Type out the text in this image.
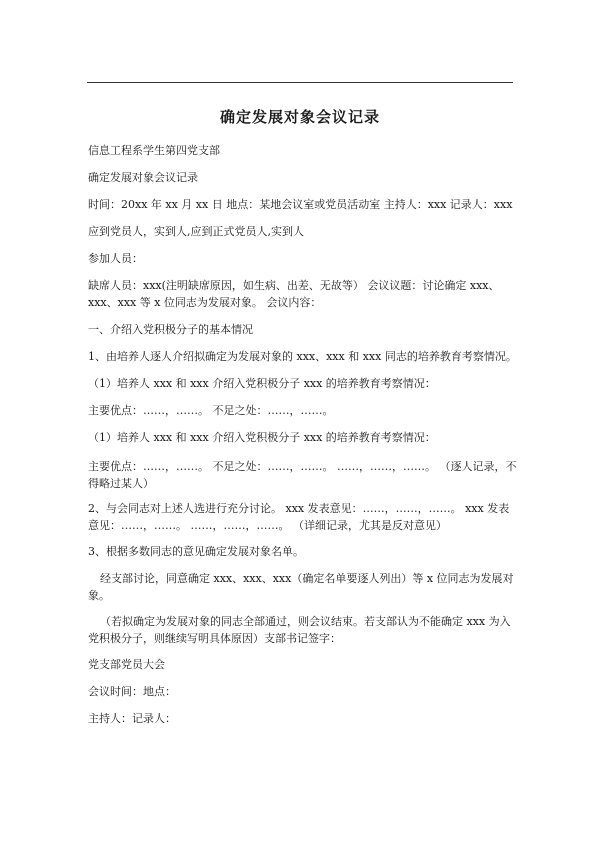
确定发展对象会议记录

信息工程系学生第四党支部

确定发展对象会议记录

时间：20xx 年 xx 月 xx 日 地点：某地会议室或党员活动室 主持人：xxx 记录人：xxx

应到党员人，实到人,应到正式党员人,实到人

参加人员：

缺席人员：xxx(注明缺席原因，如生病、出差、无故等） 会议议题：讨论确定 xxx、xxx、xxx 等 x 位同志为发展对象。 会议内容：

一、介绍入党积极分子的基本情况

1、由培养人逐人介绍拟确定为发展对象的 xxx、xxx 和 xxx 同志的培养教育考察情况。

（1）培养人 xxx 和 xxx 介绍入党积极分子 xxx 的培养教育考察情况：

主要优点：……，……。 不足之处：……，……。

（1）培养人 xxx 和 xxx 介绍入党积极分子 xxx 的培养教育考察情况：

主要优点：……，……。 不足之处：……，……。 ……，……，……。 （逐人记录，不得略过某人）

2、与会同志对上述人选进行充分讨论。 xxx 发表意见：……，……，……。 xxx 发表意见：……，……。 ……，……，……。 （详细记录，尤其是反对意见）

3、根据多数同志的意见确定发展对象名单。

经支部讨论，同意确定 xxx、xxx、xxx（确定名单要逐人列出）等 x 位同志为发展对象。

（若拟确定为发展对象的同志全部通过，则会议结束。若支部认为不能确定 xxx 为入党积极分子，则继续写明具体原因）支部书记签字：

党支部党员大会

会议时间：地点：

主持人：记录人：
